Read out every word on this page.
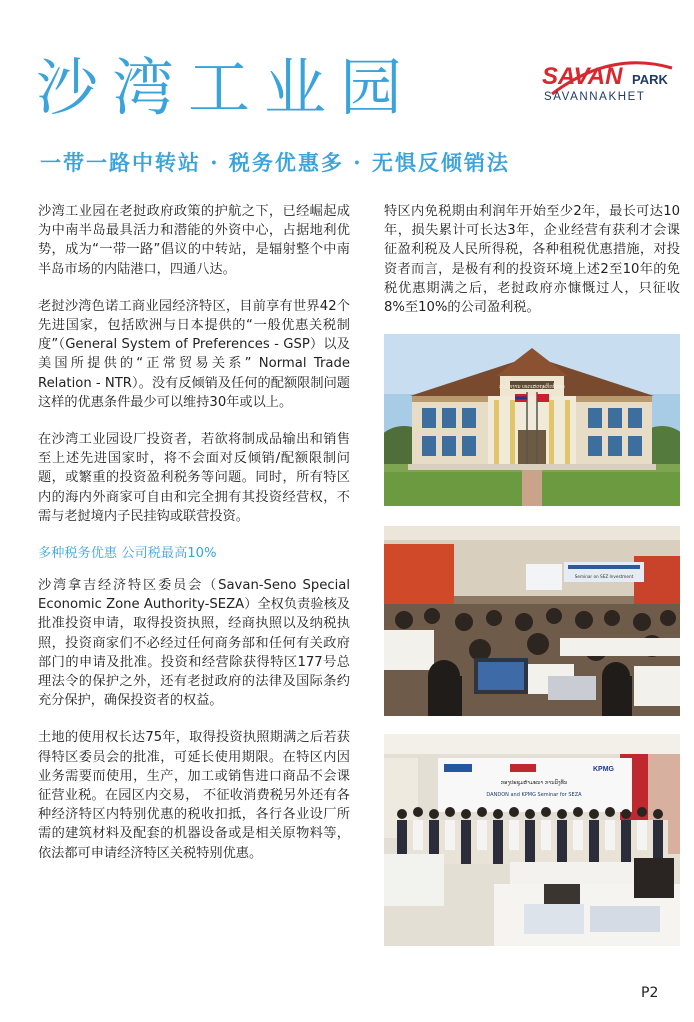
沙湾工业园	SAVAN PARK
SAVANNAKHET
一带一路中转站 · 税务优惠多 · 无惧反倾销法

沙湾工业园在老挝政府政策的护航之下，已经崛起成为中南半岛最具活力和潜能的外资中心，占据地利优势，成为“一带一路”倡议的中转站，是辐射整个中南半岛市场的内陆港口，四通八达。

老挝沙湾色诺工商业园经济特区，目前享有世界42个先进国家，包括欧洲与日本提供的“一般优惠关税制度”（General System of Preferences - GSP）以及美国所提供的“正常贸易关系” Normal Trade Relation - NTR）。没有反倾销及任何的配额限制问题这样的优惠条件最少可以维持30年或以上。

在沙湾工业园设厂投资者，若欲将制成品输出和销售至上述先进国家时，将不会面对反倾销/配额限制问题，或繁重的投资盈利税务等问题。同时，所有特区内的海内外商家可自由和完全拥有其投资经营权，不需与老挝境内子民挂钩或联营投资。

多种税务优惠 公司税最高10%

沙湾拿吉经济特区委员会（Savan-Seno Special Economic Zone Authority-SEZA）全权负责验核及批准投资申请，取得投资执照，经商执照以及纳税执照，投资商家们不必经过任何商务部和任何有关政府部门的申请及批准。投资和经营除获得特区177号总理法令的保护之外，还有老挝政府的法律及国际条约充分保护，确保投资者的权益。

土地的使用权长达75年，取得投资执照期满之后若获得特区委员会的批准，可延长使用期限。在特区内因业务需要而使用，生产，加工或销售进口商品不会课征营业税。在园区内交易， 不征收消费税另外还有各种经济特区内特别优惠的税收扣抵，各行各业设厂所需的建筑材料及配套的机器设备或是相关原物料等，依法都可申请经济特区关税特别优惠。

特区内免税期由利润年开始至少2年，最长可达10年，损失累计可长达3年，企业经营有获利才会课征盈利税及人民所得税，各种租税优惠措施，对投资者而言，是极有利的投资环境上述2至10年的免税优惠期满之后，老挝政府亦慷慨过人，只征收8%至10%的公司盈利税。

ສໍານັກງານ ເຂດເສດຖະກິດພິເສດ
Seminar on SEZ Investment
KPMG
ກອງປະຊຸມສໍາມະນາ ການລົງທຶນ
DANDON and KPMG Seminar for SEZA
P2
